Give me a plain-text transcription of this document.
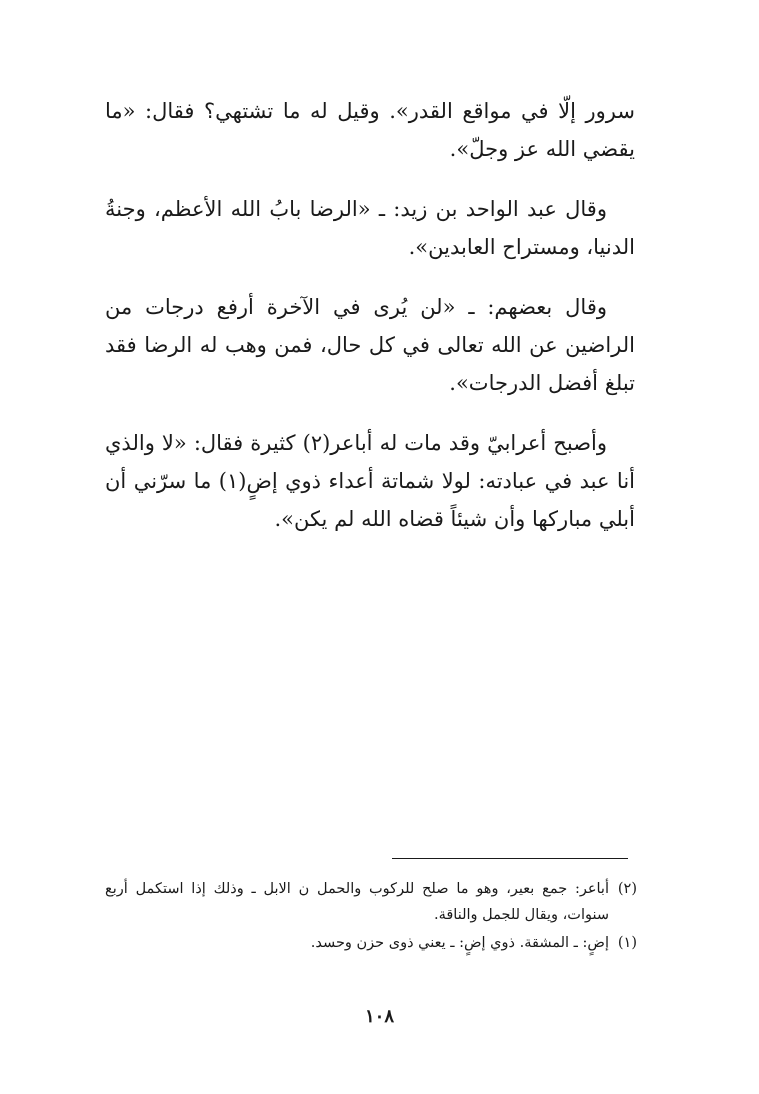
سرور إلّا في مواقع القدر». وقيل له ما تشتهي؟ فقال: «ما يقضي الله عز وجلّ».

وقال عبد الواحد بن زيد: ـ «الرضا بابُ الله الأعظم، وجنةُ الدنيا، ومستراح العابدين».

وقال بعضهم: ـ «لن يُرى في الآخرة أرفع درجات من الراضين عن الله تعالى في كل حال، فمن وهب له الرضا فقد تبلغ أفضل الدرجات».

وأصبح أعرابيّ وقد مات له أباعر(٢) كثيرة فقال: «لا والذي أنا عبد في عبادته: لولا شماتة أعداء ذوي إضٍ(١) ما سرّني أن أبلي مباركها وأن شيئاً قضاه الله لم يكن».

(٢)أباعر: جمع بعير، وهو ما صلح للركوب والحمل ن الابل ـ وذلك إذا استكمل أربع سنوات، ويقال للجمل والناقة.

(١)إضٍ: ـ المشقة. ذوي إضٍ: ـ يعني ذوى حزن وحسد.

١٠٨
